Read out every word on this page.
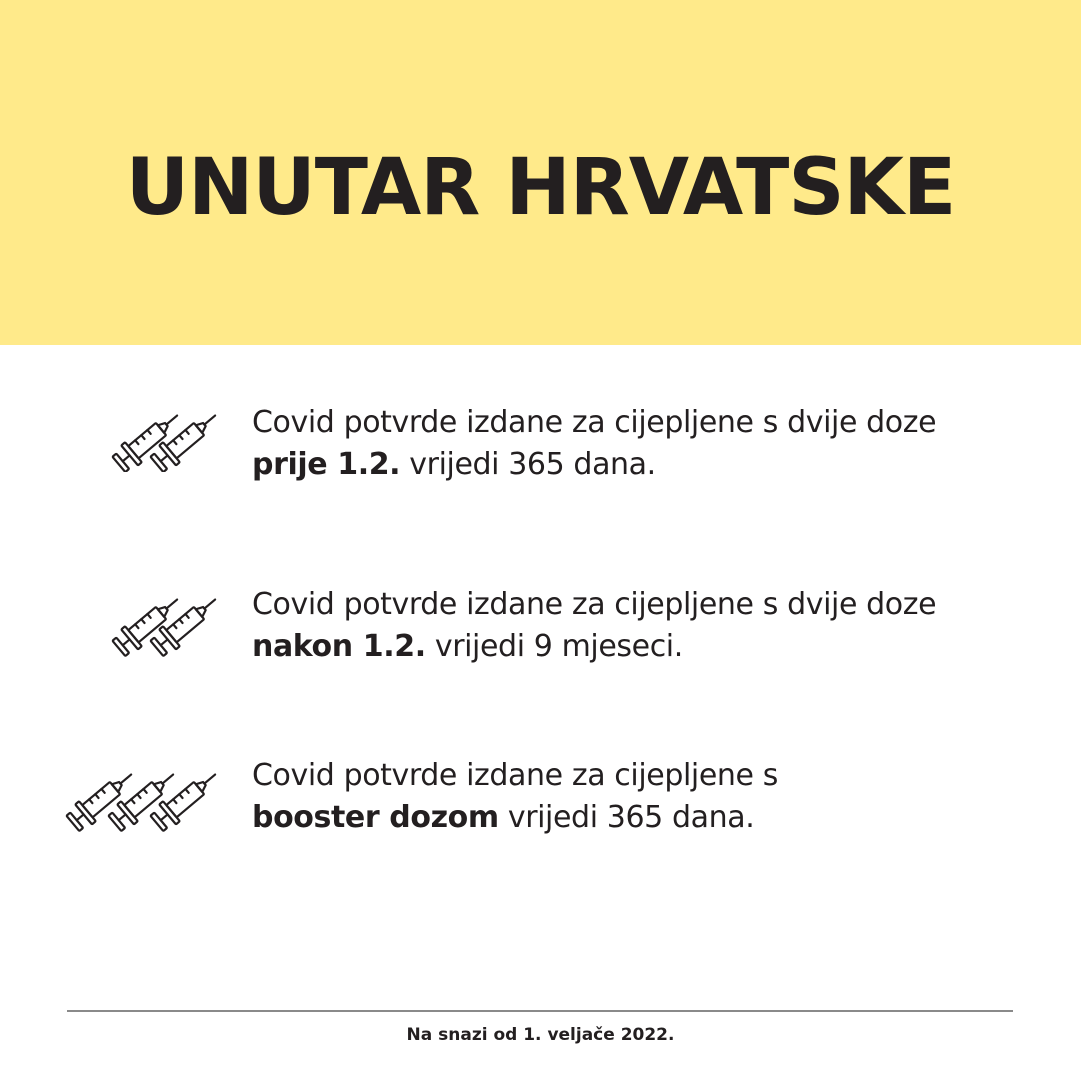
UNUTAR HRVATSKE
Covid potvrde izdane za cijepljene s dvije doze
prije 1.2. vrijedi 365 dana.
Covid potvrde izdane za cijepljene s dvije doze
nakon 1.2. vrijedi 9 mjeseci.
Covid potvrde izdane za cijepljene s
booster dozom vrijedi 365 dana.
Na snazi od 1. veljače 2022.
